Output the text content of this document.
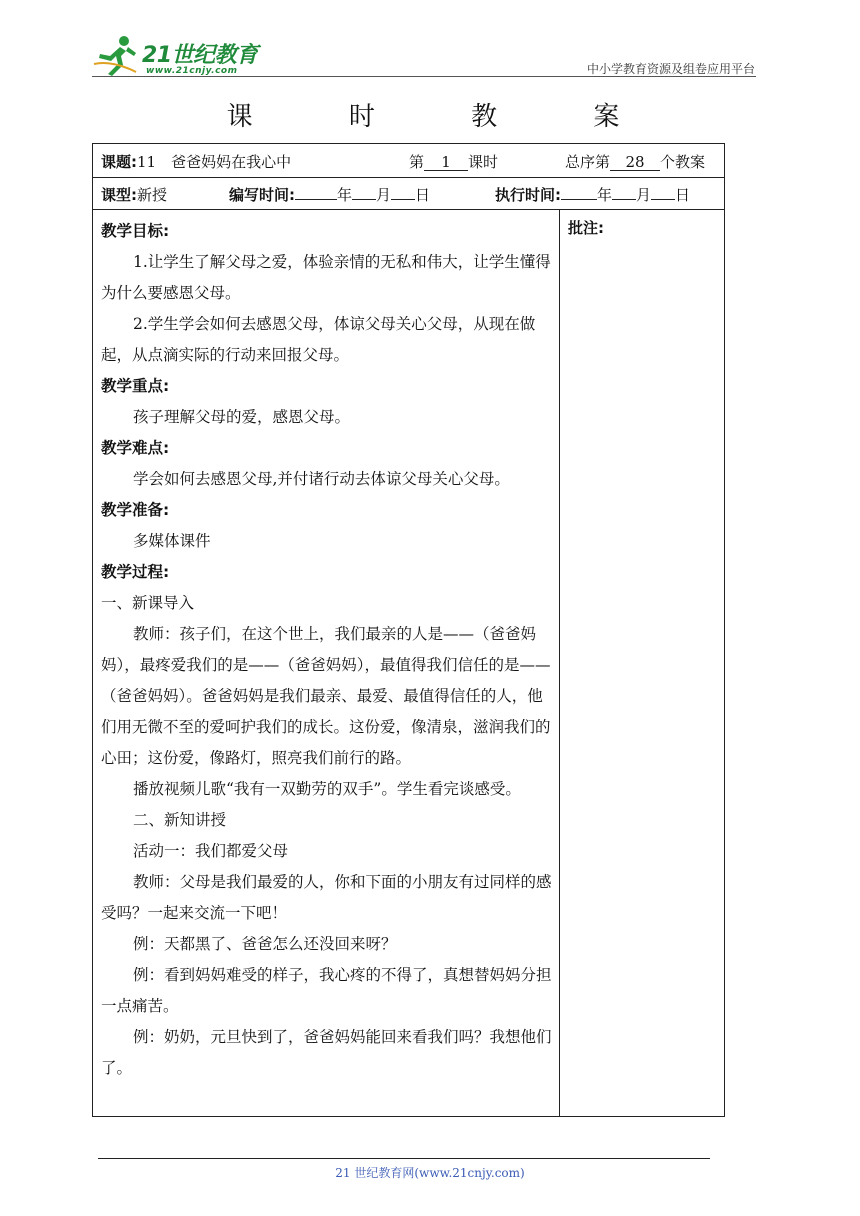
21世纪教育
www.21cnjy.com	中小学教育资源及组卷应用平台
课 时 教 案
课题:11　爸爸妈妈在我心中	第 1 课时	总序第 28 个教案
课型:新授	编写时间:	年 月 日	执行时间: 年 月 日

教学目标:

1.让学生了解父母之爱，体验亲情的无私和伟大，让学生懂得为什么要感恩父母。

2.学生学会如何去感恩父母，体谅父母关心父母，从现在做起，从点滴实际的行动来回报父母。

教学重点:

孩子理解父母的爱，感恩父母。

教学难点:

学会如何去感恩父母,并付诸行动去体谅父母关心父母。

教学准备:

多媒体课件

教学过程:

一、新课导入

教师：孩子们，在这个世上，我们最亲的人是——（爸爸妈妈），最疼爱我们的是——（爸爸妈妈），最值得我们信任的是——（爸爸妈妈）。爸爸妈妈是我们最亲、最爱、最值得信任的人，他们用无微不至的爱呵护我们的成长。这份爱，像清泉，滋润我们的心田；这份爱，像路灯，照亮我们前行的路。

播放视频儿歌“我有一双勤劳的双手”。学生看完谈感受。

二、新知讲授

活动一：我们都爱父母

教师：父母是我们最爱的人，你和下面的小朋友有过同样的感受吗？一起来交流一下吧！

例：天都黑了、爸爸怎么还没回来呀？

例：看到妈妈难受的样子，我心疼的不得了，真想替妈妈分担一点痛苦。

例：奶奶，元旦快到了，爸爸妈妈能回来看我们吗？我想他们了。

批注:
21 世纪教育网(www.21cnjy.com)
